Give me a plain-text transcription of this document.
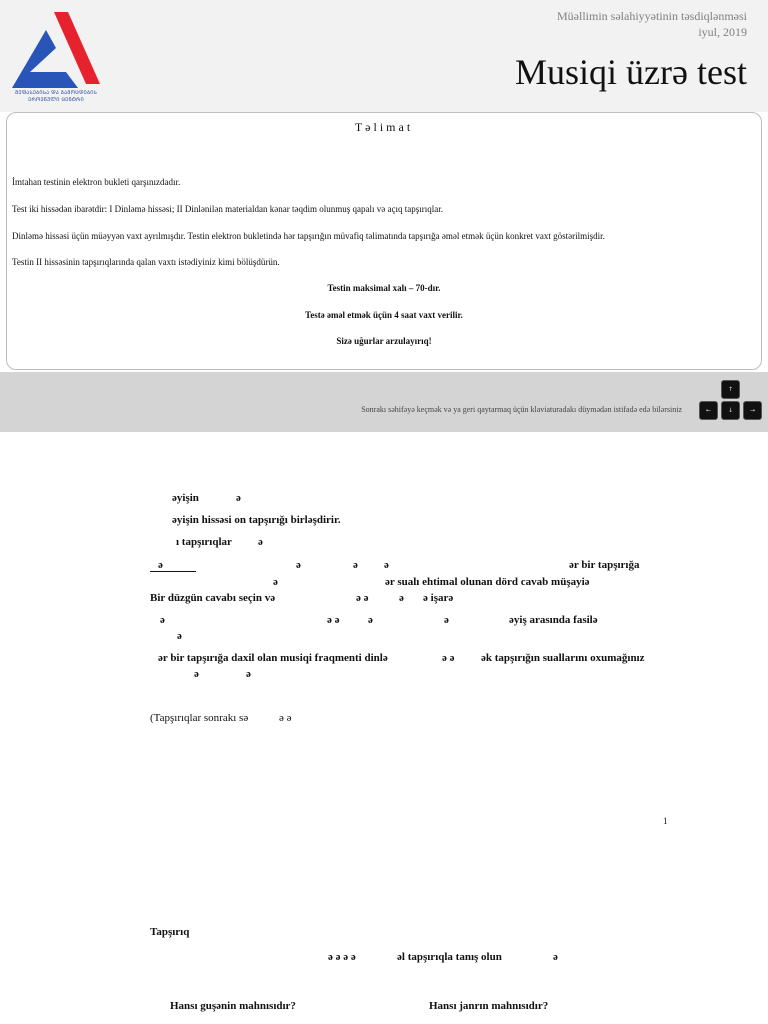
ᲨᲔᲤᲐᲡᲔᲑᲘᲡᲐ ᲓᲐ ᲒᲐᲛᲝᲪᲓᲔᲑᲘᲡ ᲔᲠᲝᲕᲜᲣᲚᲘ ᲪᲔᲜᲢᲠᲘ
Müəllimin səlahiyyətinin təsdiqlənməsi
iyul, 2019
Musiqi üzrə test
Təlimat
İmtahan testinin elektron bukleti qarşınızdadır.
Test iki hissədən ibarətdir: I Dinləmə hissəsi; II Dinlənilən materialdan kənar təqdim olunmuş qapalı və açıq tapşırıqlar.
Dinləmə hissəsi üçün müəyyən vaxt ayrılmışdır. Testin elektron bukletində hər tapşırığın müvafiq təlimatında tapşırığa əməl etmək üçün konkret vaxt göstərilmişdir.
Testin II hissəsinin tapşırıqlarında qalan vaxtı istədiyiniz kimi bölüşdürün.
Testin maksimal xalı – 70-dır.
Testə əməl etmək üçün 4 saat vaxt verilir.
Sizə uğurlar arzulayırıq!
Sonrakı səhifəyə keçmək və ya geri qaytarmaq üçün klaviaturadakı düymədən istifadə edə bilərsiniz
↑
←	↓	→
əyişin	ə
əyişin hissəsi on tapşırığı birləşdirir.
ı tapşırıqlar ə
ə	ə	ə ə	ər bir tapşırığa
ə	ər sualı ehtimal olunan dörd cavab müşayiə
Bir düzgün cavabı seçin və	ə ə	ə ə işarə
ə	ə ə	ə	ə	əyiş arasında fasilə
ə
ər bir tapşırığa daxil olan musiqi fraqmenti dinlə	ə ə ək tapşırığın suallarını oxumağınız
ə	ə
(Tapşırıqlar sonrakı sə	ə ə
1
Tapşırıq
ə ə ə ə	əl tapşırıqla tanış olun	ə
Hansı guşənin mahnısıdır?	Hansı janrın mahnısıdır?
